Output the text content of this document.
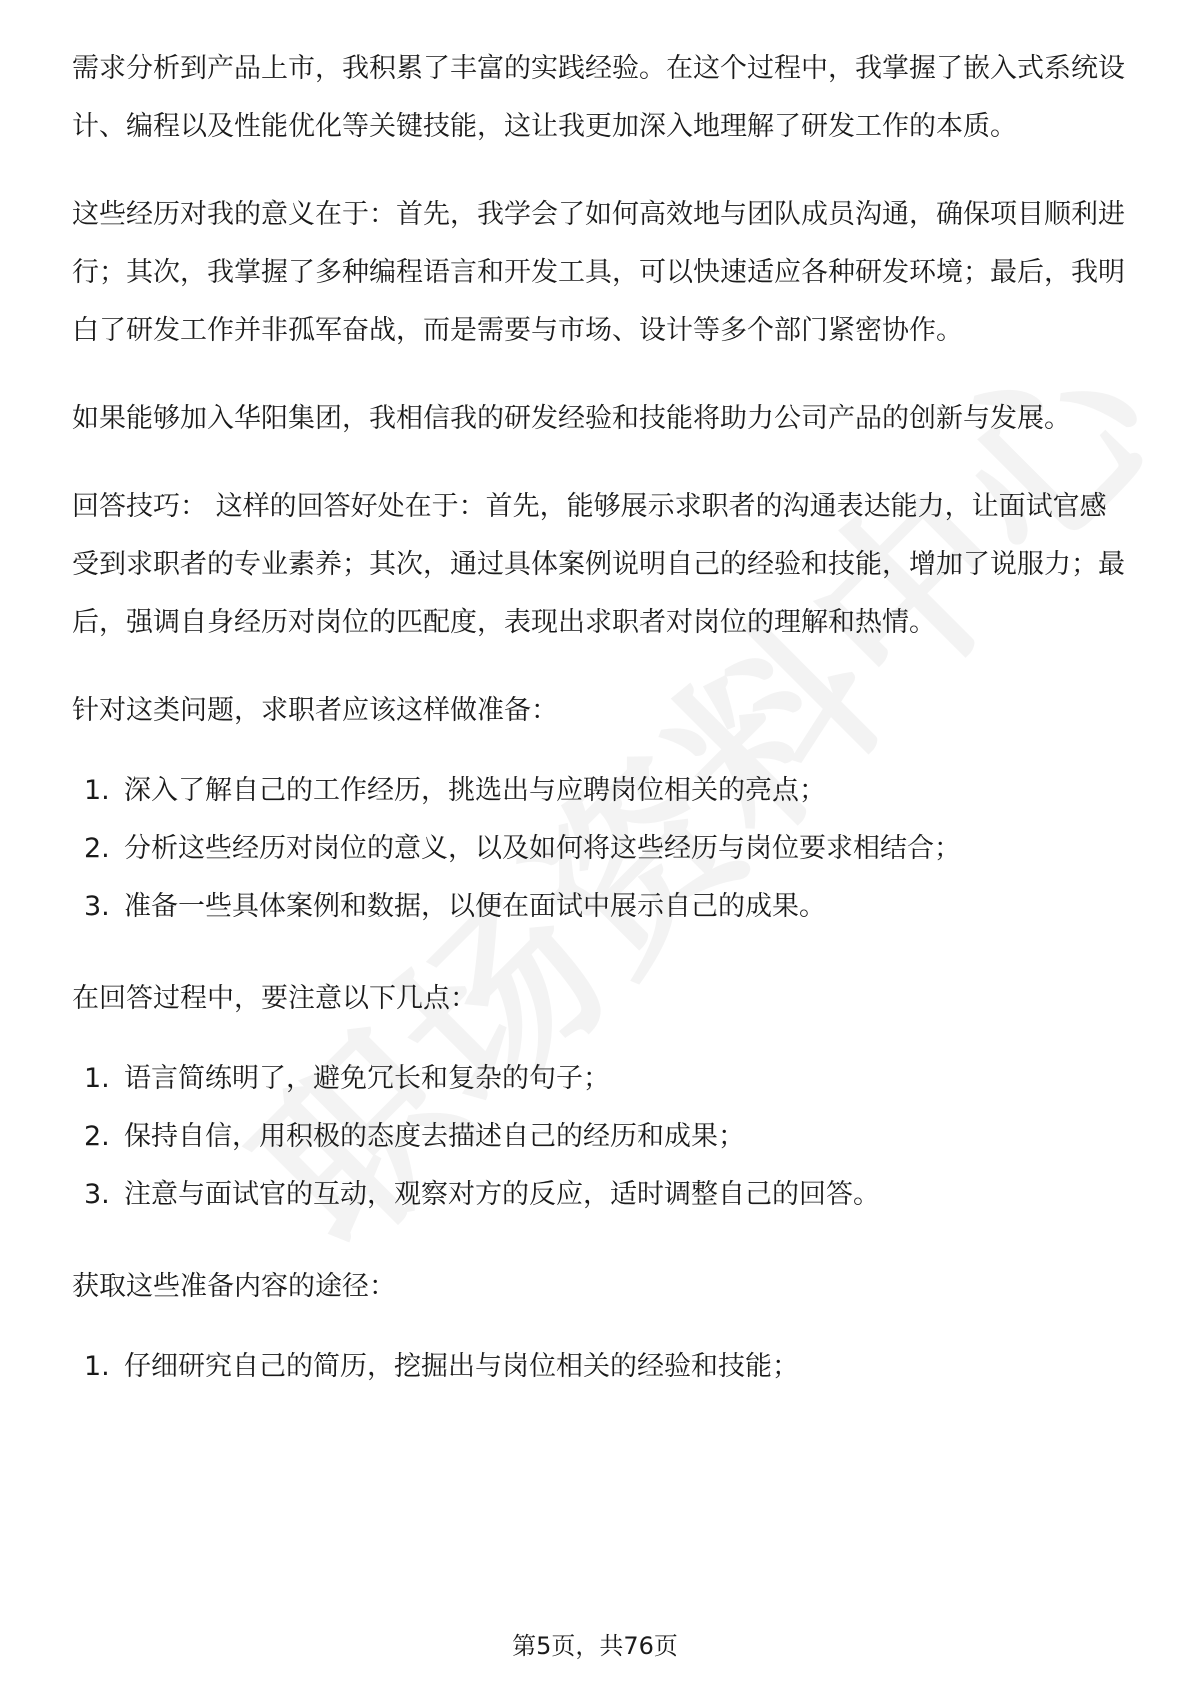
需求分析到产品上市，我积累了丰富的实践经验。在这个过程中，我掌握了嵌入式系统设计、编程以及性能优化等关键技能，这让我更加深入地理解了研发工作的本质。

这些经历对我的意义在于：首先，我学会了如何高效地与团队成员沟通，确保项目顺利进行；其次，我掌握了多种编程语言和开发工具，可以快速适应各种研发环境；最后，我明白了研发工作并非孤军奋战，而是需要与市场、设计等多个部门紧密协作。

如果能够加入华阳集团，我相信我的研发经验和技能将助力公司产品的创新与发展。

回答技巧： 这样的回答好处在于：首先，能够展示求职者的沟通表达能力，让面试官感受到求职者的专业素养；其次，通过具体案例说明自己的经验和技能，增加了说服力；最后，强调自身经历对岗位的匹配度，表现出求职者对岗位的理解和热情。

针对这类问题，求职者应该这样做准备：

1. 深入了解自己的工作经历，挑选出与应聘岗位相关的亮点；
2. 分析这些经历对岗位的意义，以及如何将这些经历与岗位要求相结合；
3. 准备一些具体案例和数据，以便在面试中展示自己的成果。

在回答过程中，要注意以下几点：

1. 语言简练明了，避免冗长和复杂的句子；
2. 保持自信，用积极的态度去描述自己的经历和成果；
3. 注意与面试官的互动，观察对方的反应，适时调整自己的回答。

获取这些准备内容的途径：

1. 仔细研究自己的简历，挖掘出与岗位相关的经验和技能；
第5页，共76页
